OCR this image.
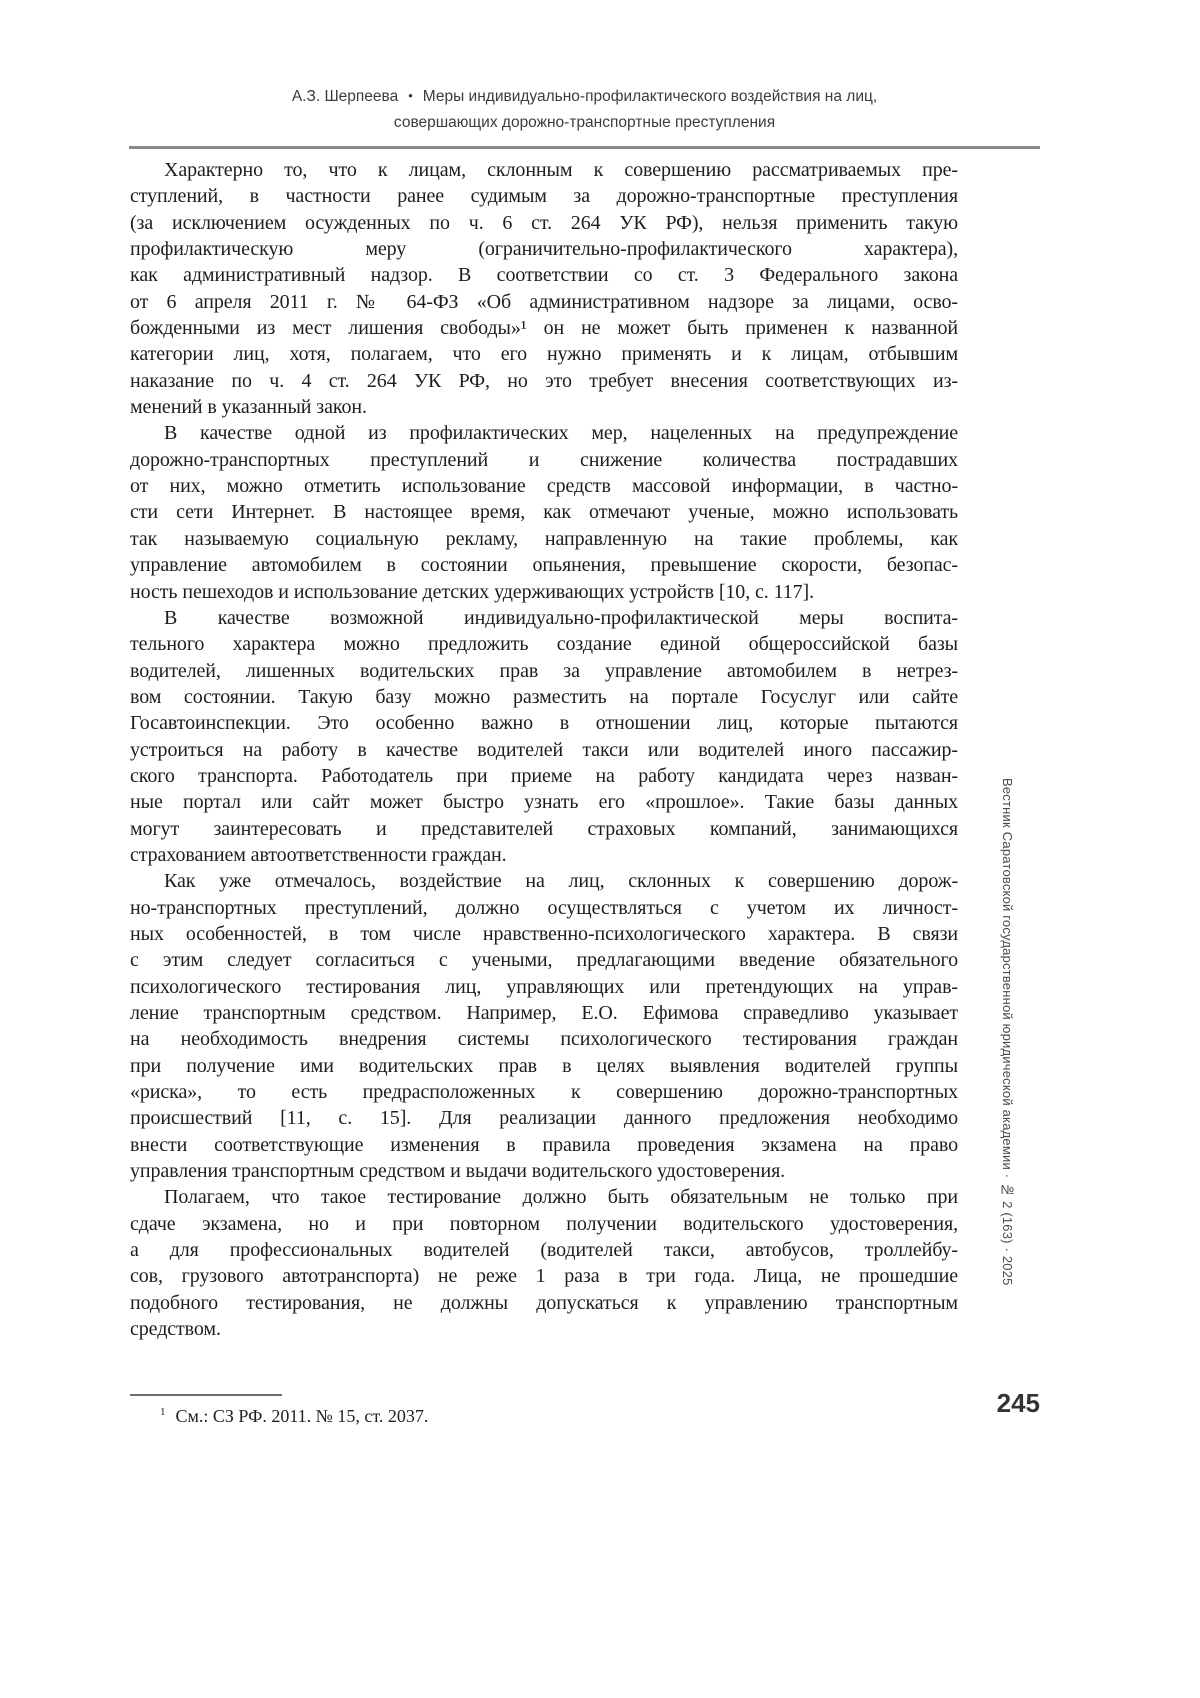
А.З. Шерпеева • Меры индивидуально-профилактического воздействия на лиц,
совершающих дорожно-транспортные преступления
Характерно то, что к лицам, склонным к совершению рассматриваемых пре-
ступлений, в частности ранее судимым за дорожно-транспортные преступления
(за исключением осужденных по ч. 6 ст. 264 УК РФ), нельзя применить такую
профилактическую меру (ограничительно-профилактического характера),
как административный надзор. В соответствии со ст. 3 Федерального закона
от 6 апреля 2011 г. № 64-ФЗ «Об административном надзоре за лицами, осво-
божденными из мест лишения свободы»¹ он не может быть применен к названной
категории лиц, хотя, полагаем, что его нужно применять и к лицам, отбывшим
наказание по ч. 4 ст. 264 УК РФ, но это требует внесения соответствующих из-
менений в указанный закон.
В качестве одной из профилактических мер, нацеленных на предупреждение
дорожно-транспортных преступлений и снижение количества пострадавших
от них, можно отметить использование средств массовой информации, в частно-
сти сети Интернет. В настоящее время, как отмечают ученые, можно использовать
так называемую социальную рекламу, направленную на такие проблемы, как
управление автомобилем в состоянии опьянения, превышение скорости, безопас-
ность пешеходов и использование детских удерживающих устройств [10, с. 117].
В качестве возможной индивидуально-профилактической меры воспита-
тельного характера можно предложить создание единой общероссийской базы
водителей, лишенных водительских прав за управление автомобилем в нетрез-
вом состоянии. Такую базу можно разместить на портале Госуслуг или сайте
Госавтоинспекции. Это особенно важно в отношении лиц, которые пытаются
устроиться на работу в качестве водителей такси или водителей иного пассажир-
ского транспорта. Работодатель при приеме на работу кандидата через назван-
ные портал или сайт может быстро узнать его «прошлое». Такие базы данных
могут заинтересовать и представителей страховых компаний, занимающихся
страхованием автоответственности граждан.
Как уже отмечалось, воздействие на лиц, склонных к совершению дорож-
но-транспортных преступлений, должно осуществляться с учетом их личност-
ных особенностей, в том числе нравственно-психологического характера. В связи
с этим следует согласиться с учеными, предлагающими введение обязательного
психологического тестирования лиц, управляющих или претендующих на управ-
ление транспортным средством. Например, Е.О. Ефимова справедливо указывает
на необходимость внедрения системы психологического тестирования граждан
при получение ими водительских прав в целях выявления водителей группы
«риска», то есть предрасположенных к совершению дорожно-транспортных
происшествий [11, с. 15]. Для реализации данного предложения необходимо
внести соответствующие изменения в правила проведения экзамена на право
управления транспортным средством и выдачи водительского удостоверения.
Полагаем, что такое тестирование должно быть обязательным не только при
сдаче экзамена, но и при повторном получении водительского удостоверения,
а для профессиональных водителей (водителей такси, автобусов, троллейбу-
сов, грузового автотранспорта) не реже 1 раза в три года. Лица, не прошедшие
подобного тестирования, не должны допускаться к управлению транспортным
средством.
$^1$ См.: СЗ РФ. 2011. № 15, ст. 2037.	245
Вестник Саратовской государственной юридической академии · № 2 (163) · 2025
